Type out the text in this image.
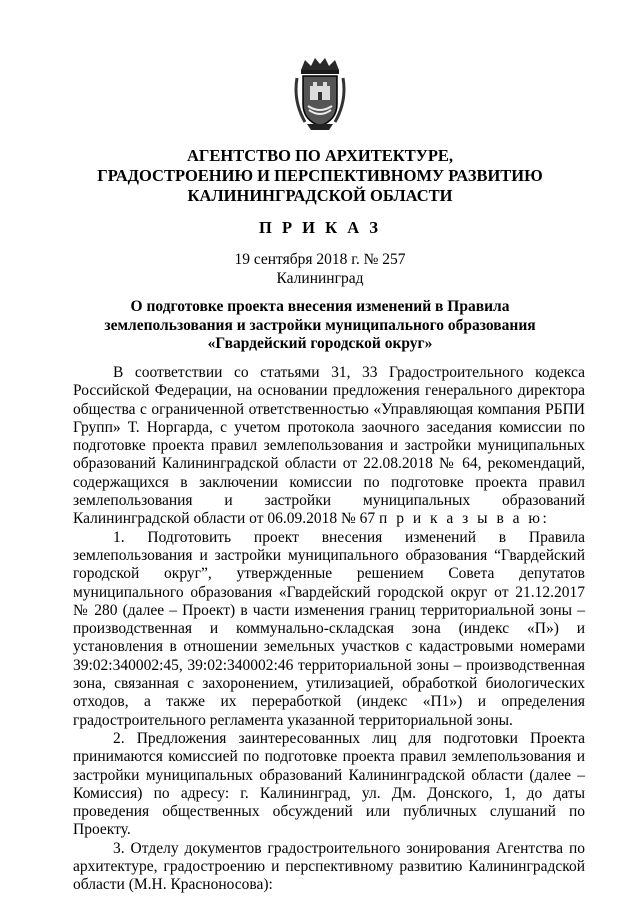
АГЕНТСТВО ПО АРХИТЕКТУРЕ,
ГРАДОСТРОЕНИЮ И ПЕРСПЕКТИВНОМУ РАЗВИТИЮ
КАЛИНИНГРАДСКОЙ ОБЛАСТИ
П Р И К А З
19 сентября 2018 г. № 257
Калининград
О подготовке проекта внесения изменений в Правила
землепользования и застройки муниципального образования
«Гвардейский городской округ»

В соответствии со статьями 31, 33 Градостроительного кодекса Российской Федерации, на основании предложения генерального директора общества с ограниченной ответственностью «Управляющая компания РБПИ Групп» Т. Норгарда, с учетом протокола заочного заседания комиссии по подготовке проекта правил землепользования и застройки муниципальных образований Калининградской области от 22.08.2018 № 64, рекомендаций, содержащихся в заключении комиссии по подготовке проекта правил землепользования и застройки муниципальных образований Калининградской области от 06.09.2018 № 67 п р и к а з ы в а ю:

1. Подготовить проект внесения изменений в Правила землепользования и застройки муниципального образования “Гвардейский городской округ”, утвержденные решением Совета депутатов муниципального образования «Гвардейский городской округ от 21.12.2017 № 280 (далее – Проект) в части изменения границ территориальной зоны – производственная и коммунально-складская зона (индекс «П») и установления в отношении земельных участков с кадастровыми номерами 39:02:340002:45, 39:02:340002:46 территориальной зоны – производственная зона, связанная с захоронением, утилизацией, обработкой биологических отходов, а также их переработкой (индекс «П1») и определения градостроительного регламента указанной территориальной зоны.

2. Предложения заинтересованных лиц для подготовки Проекта принимаются комиссией по подготовке проекта правил землепользования и застройки муниципальных образований Калининградской области (далее – Комиссия) по адресу: г. Калининград, ул. Дм. Донского, 1, до даты проведения общественных обсуждений или публичных слушаний по Проекту.

3. Отделу документов градостроительного зонирования Агентства по архитектуре, градостроению и перспективному развитию Калининградской области (М.Н. Красноносова):
